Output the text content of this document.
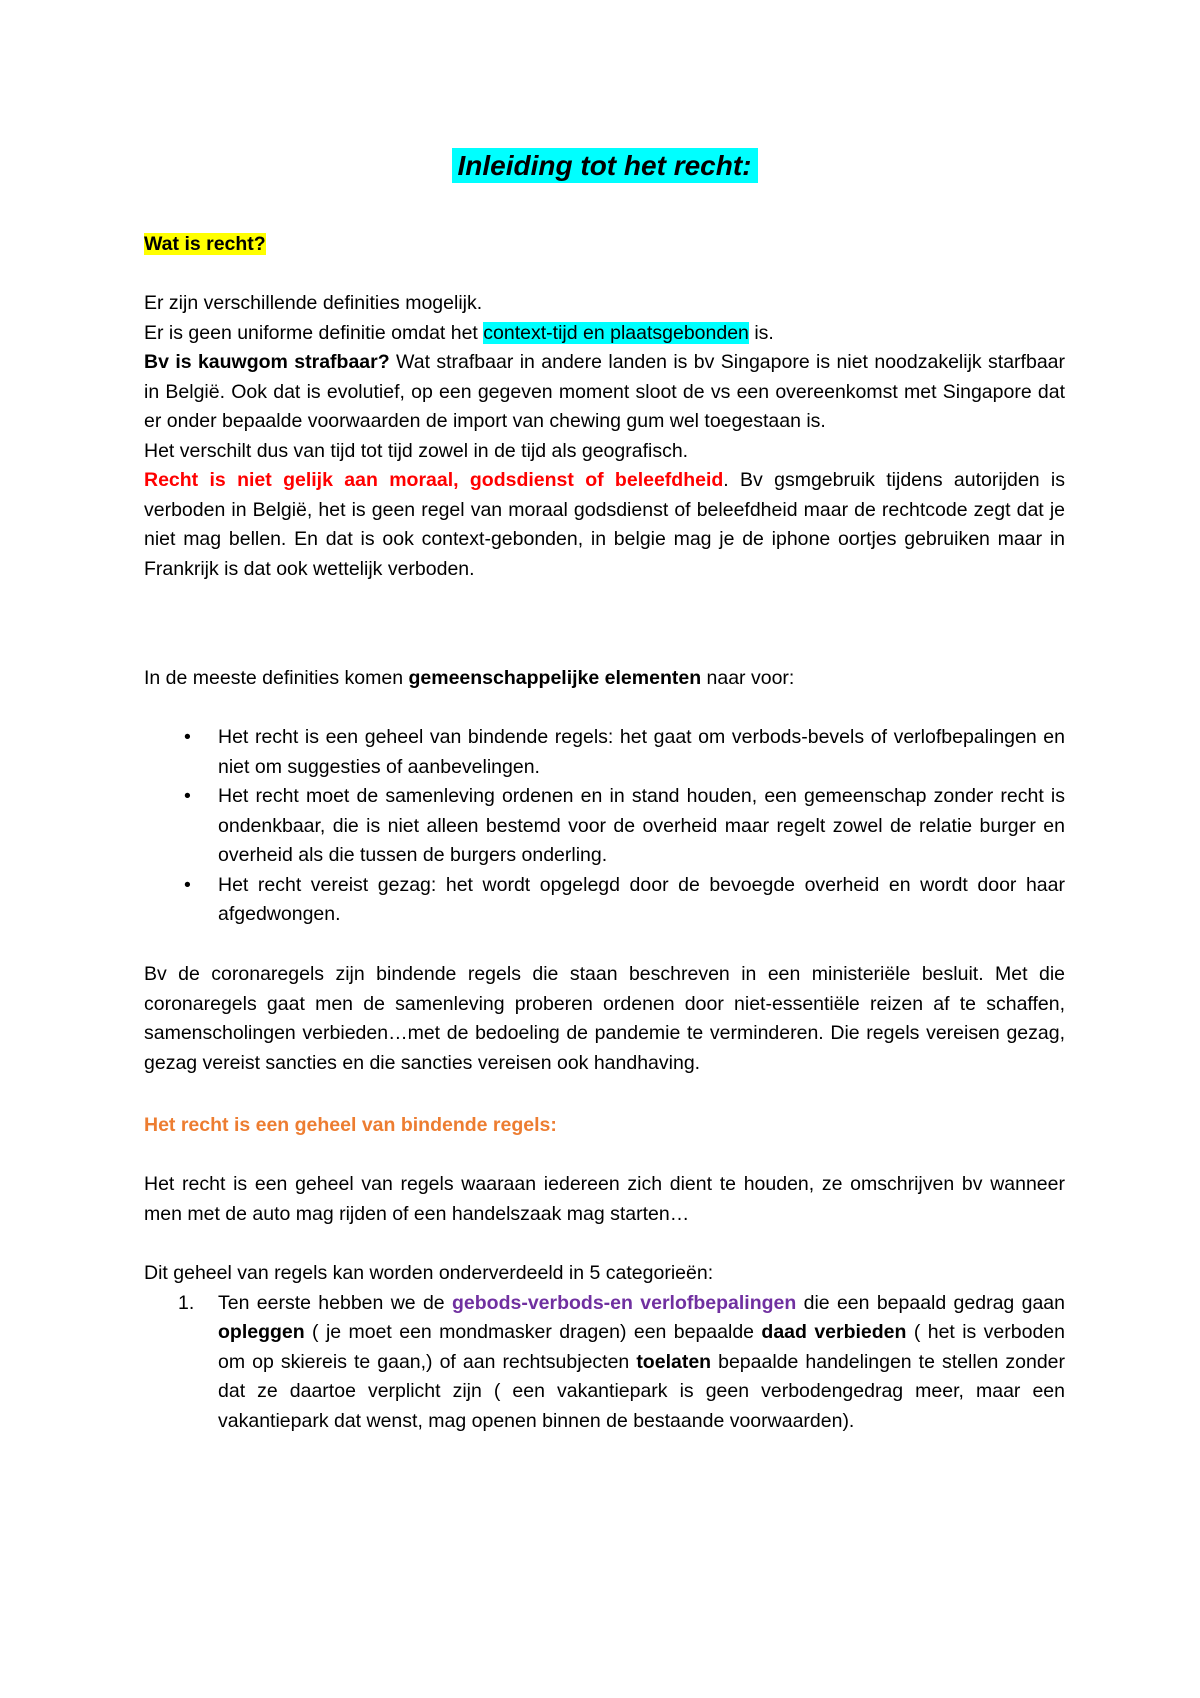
Inleiding tot het recht:

Wat is recht?

Er zijn verschillende definities mogelijk.

Er is geen uniforme definitie omdat het context-tijd en plaatsgebonden is.

Bv is kauwgom strafbaar? Wat strafbaar in andere landen is bv Singapore is niet noodzakelijk starfbaar in België. Ook dat is evolutief, op een gegeven moment sloot de vs een overeenkomst met Singapore dat er onder bepaalde voorwaarden de import van chewing gum wel toegestaan is.

Het verschilt dus van tijd tot tijd zowel in de tijd als geografisch.

Recht is niet gelijk aan moraal, godsdienst of beleefdheid. Bv gsmgebruik tijdens autorijden is verboden in België, het is geen regel van moraal godsdienst of beleefdheid maar de rechtcode zegt dat je niet mag bellen. En dat is ook context-gebonden, in belgie mag je de iphone oortjes gebruiken maar in Frankrijk is dat ook wettelijk verboden.

In de meeste definities komen gemeenschappelijke elementen naar voor:

• Het recht is een geheel van bindende regels: het gaat om verbods-bevels of verlofbepalingen en niet om suggesties of aanbevelingen.
• Het recht moet de samenleving ordenen en in stand houden, een gemeenschap zonder recht is ondenkbaar, die is niet alleen bestemd voor de overheid maar regelt zowel de relatie burger en overheid als die tussen de burgers onderling.
• Het recht vereist gezag: het wordt opgelegd door de bevoegde overheid en wordt door haar afgedwongen.

Bv de coronaregels zijn bindende regels die staan beschreven in een ministeriële besluit. Met die coronaregels gaat men de samenleving proberen ordenen door niet-essentiële reizen af te schaffen, samenscholingen verbieden…met de bedoeling de pandemie te verminderen. Die regels vereisen gezag, gezag vereist sancties en die sancties vereisen ook handhaving.

Het recht is een geheel van bindende regels:

Het recht is een geheel van regels waaraan iedereen zich dient te houden, ze omschrijven bv wanneer men met de auto mag rijden of een handelszaak mag starten…

Dit geheel van regels kan worden onderverdeeld in 5 categorieën:

1. Ten eerste hebben we de gebods-verbods-en verlofbepalingen die een bepaald gedrag gaan opleggen ( je moet een mondmasker dragen) een bepaalde daad verbieden ( het is verboden om op skiereis te gaan,) of aan rechtsubjecten toelaten bepaalde handelingen te stellen zonder dat ze daartoe verplicht zijn ( een vakantiepark is geen verbodengedrag meer, maar een vakantiepark dat wenst, mag openen binnen de bestaande voorwaarden).
